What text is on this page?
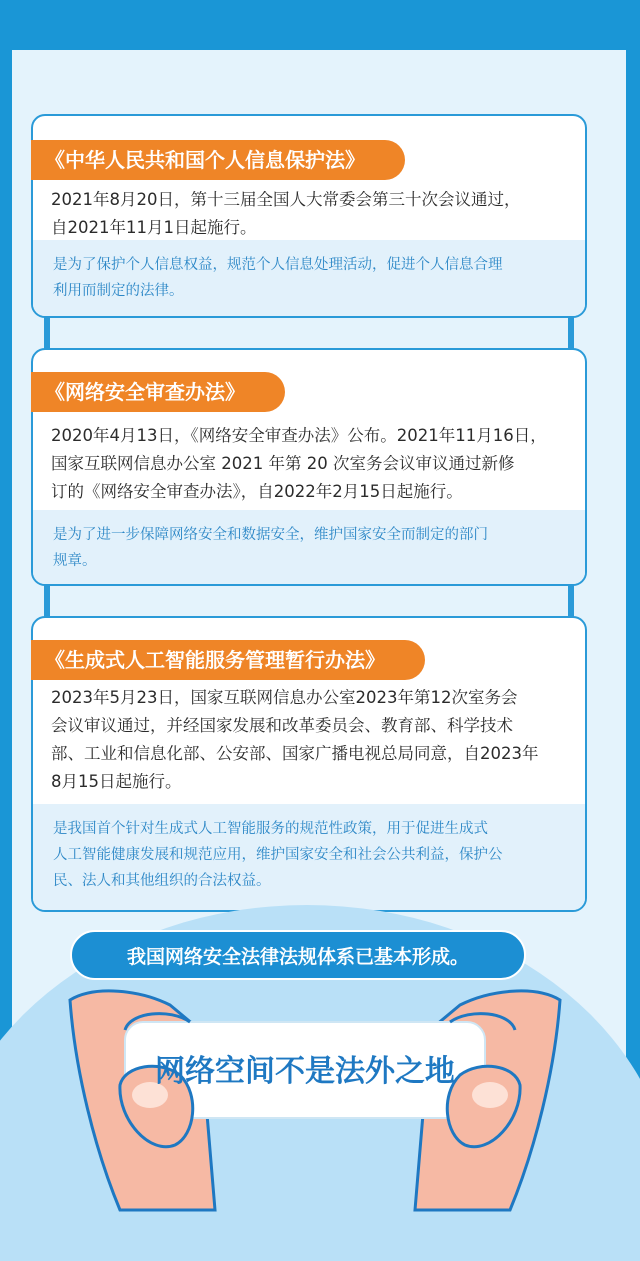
《中华人民共和国个人信息保护法》
2021年8月20日，第十三届全国人大常委会第三十次会议通过，
自2021年11月1日起施行。
是为了保护个人信息权益，规范个人信息处理活动，促进个人信息合理
利用而制定的法律。
《网络安全审查办法》
2020年4月13日，《网络安全审查办法》公布。2021年11月16日，
国家互联网信息办公室 2021 年第 20 次室务会议审议通过新修
订的《网络安全审查办法》，自2022年2月15日起施行。
是为了进一步保障网络安全和数据安全，维护国家安全而制定的部门
规章。
《生成式人工智能服务管理暂行办法》
2023年5月23日，国家互联网信息办公室2023年第12次室务会
会议审议通过，并经国家发展和改革委员会、教育部、科学技术
部、工业和信息化部、公安部、国家广播电视总局同意，自2023年
8月15日起施行。
是我国首个针对生成式人工智能服务的规范性政策，用于促进生成式
人工智能健康发展和规范应用，维护国家安全和社会公共利益，保护公
民、法人和其他组织的合法权益。
我国网络安全法律法规体系已基本形成。
网络空间不是法外之地
